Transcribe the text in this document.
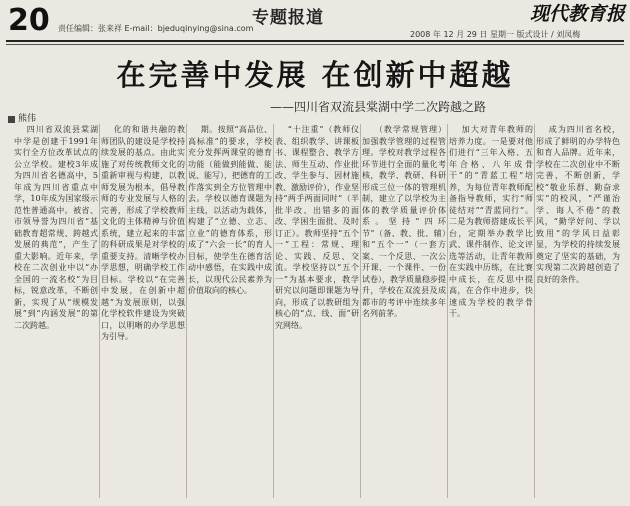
20 责任编辑：张来祥 E-mail：bjeduqinying@sina.com
专题报道	现代教育报
2008 年 12 月 29 日 星期一 版式设计 / 刘凤梅
在完善中发展 在创新中超越
——四川省双流县棠湖中学二次跨越之路
熊伟

四川省双流县棠湖中学是创建于1991年实行全方位改革试点的公立学校。建校3年成为四川省名德高中，5年成为四川省重点中学，10年成为国家级示范性普通高中。被省、市领导誉为四川省“基础教育超常规、跨越式发展的典范”，产生了重大影响。近年来，学校在二次创业中以“办全国的一流名校”为目标，锐意改革，不断创新，实现了从“规模发展”到“内涵发展”的第二次跨越。

化的和谐共融的教师团队的建设是学校持续发展的基点。由此实施了对传统教师文化的重新审视与构建，以教师发展为根本，倡导教师的专业发展与人格的完善，形成了学校教师文化的主体精神与价值系统，建立起来的丰富的科研成果是对学校的重要支持。清晰学校办学思想，明确学校工作目标。学校以“在完善中发展，在创新中超越”为发展原则，以强化学校软件建设为突破口，以明晰的办学思想为引导。

期。按照“高品位、高标准”的要求，学校充分发挥两课堂的德育功能（能做到能做、能说、能写），把德育的工作落实到全方位管理中去。学校以德育课题为主线，以活动为载体，构建了“立德、立志、立业”的德育体系，形成了“六会一长”的育人目标，使学生在德育活动中感悟，在实践中成长，以现代公民素养为价值取向的核心。

“十注重”（教师仪表、组织教学、讲课板书、课程整合、教学方法、师生互动、作业批改、学生参与、因材施教、激励评价），作业坚持“两手两面同时”（半批半改、出错多的面改、学困生面批、及时订正）。教师坚持“五个一”工程：常规、理论、实践、反思、交流。学校坚持以“五个一”为基本要求，教学研究以问题即课题为导向，形成了以教研组为核心的“点、线、面”研究网络。

（教学常规管理）加强教学管理的过程管理。学校对教学过程各环节进行全面的量化考核，教学、教研、科研形成三位一体的管理机制，建立了以学校为主体的教学质量评价体系。坚持“四环节”（备、教、批、辅）和“五个一”（一套方案、一个反思、一次公开课、一个课件、一份试卷），教学质量稳步提升，学校在双流县及成都市的考评中连续多年名列前茅。

加大对青年教师的培养力度。一是要对他们进行“三年入格、五年合格、八年成骨干”的“青蓝工程”培养，为每位青年教师配备指导教师，实行“师徒结对”“青蓝同行”。二是为教师搭建成长平台，定期举办教学比武、课件制作、论文评选等活动，让青年教师在实践中历练，在比赛中成长，在反思中提高，在合作中进步，快速成为学校的教学骨干。

成为四川省名校，形成了鲜明的办学特色和育人品牌。近年来，学校在二次创业中不断完善，不断创新，学校“敬业乐群、勤奋求实”的校风，“严谨治学、诲人不倦”的教风，“勤学好问、学以致用”的学风日益彰显，为学校的持续发展奠定了坚实的基础，为实现第二次跨越创造了良好的条件。
